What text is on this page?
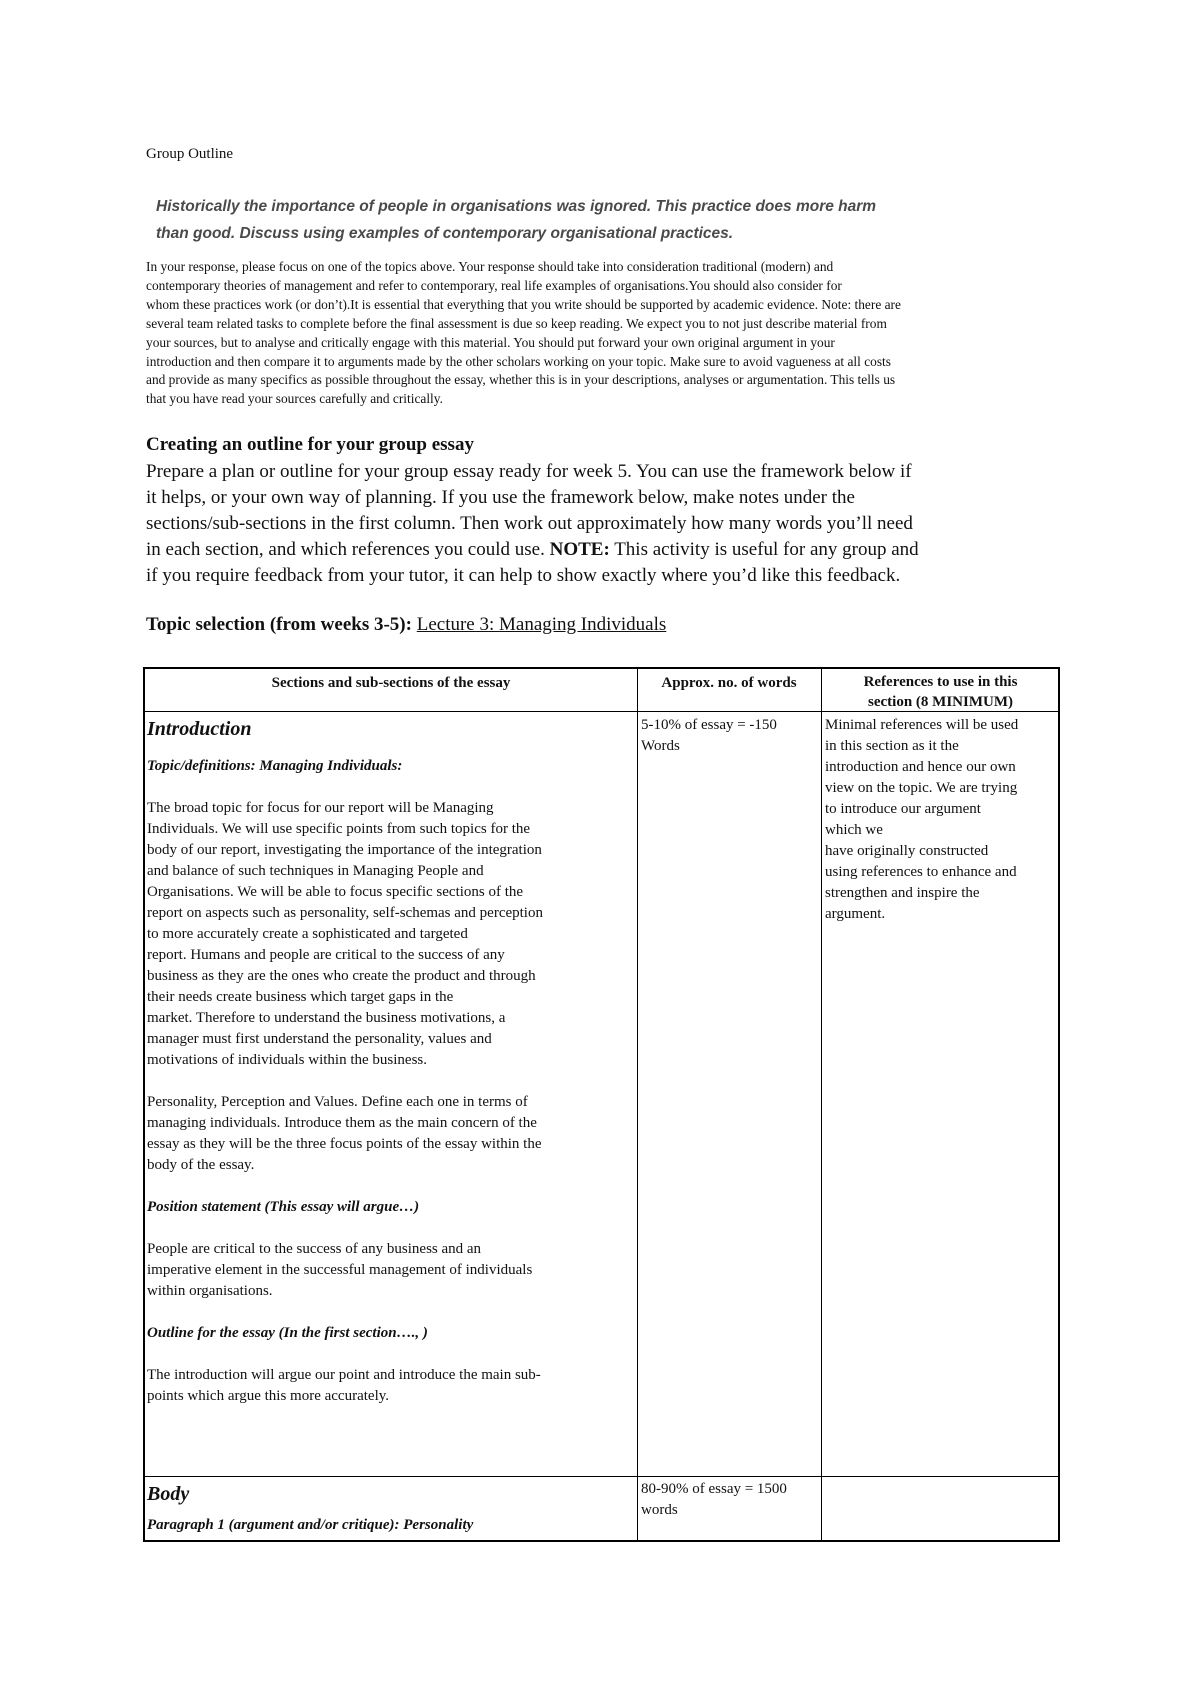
Group Outline
Historically the importance of people in organisations was ignored. This practice does more harm
than good. Discuss using examples of contemporary organisational practices.
In your response, please focus on one of the topics above. Your response should take into consideration traditional (modern) and
contemporary theories of management and refer to contemporary, real life examples of organisations.You should also consider for
whom these practices work (or don’t).It is essential that everything that you write should be supported by academic evidence. Note: there are
several team related tasks to complete before the final assessment is due so keep reading. We expect you to not just describe material from
your sources, but to analyse and critically engage with this material. You should put forward your own original argument in your
introduction and then compare it to arguments made by the other scholars working on your topic. Make sure to avoid vagueness at all costs
and provide as many specifics as possible throughout the essay, whether this is in your descriptions, analyses or argumentation. This tells us
that you have read your sources carefully and critically.
Creating an outline for your group essay
Prepare a plan or outline for your group essay ready for week 5. You can use the framework below if
it helps, or your own way of planning. If you use the framework below, make notes under the
sections/sub-sections in the first column. Then work out approximately how many words you’ll need
in each section, and which references you could use. NOTE: This activity is useful for any group and
if you require feedback from your tutor, it can help to show exactly where you’d like this feedback.
Topic selection (from weeks 3-5): Lecture 3: Managing Individuals
Sections and sub-sections of the essay	Approx. no. of words	References to use in this
section (8 MINIMUM)
Introduction
Topic/definitions: Managing Individuals:
The broad topic for focus for our report will be Managing
Individuals. We will use specific points from such topics for the
body of our report, investigating the importance of the integration
and balance of such techniques in Managing People and
Organisations. We will be able to focus specific sections of the
report on aspects such as personality, self-schemas and perception
to more accurately create a sophisticated and targeted
report. Humans and people are critical to the success of any
business as they are the ones who create the product and through
their needs create business which target gaps in the
market. Therefore to understand the business motivations, a
manager must first understand the personality, values and
motivations of individuals within the business.
Personality, Perception and Values. Define each one in terms of
managing individuals. Introduce them as the main concern of the
essay as they will be the three focus points of the essay within the
body of the essay.
Position statement (This essay will argue…)
People are critical to the success of any business and an
imperative element in the successful management of individuals
within organisations.
Outline for the essay (In the first section…., )
The introduction will argue our point and introduce the main sub-
points which argue this more accurately.
5-10% of essay = -150
Words
Minimal references will be used
in this section as it the
introduction and hence our own
view on the topic. We are trying
to introduce our argument
which we
have originally constructed
using references to enhance and
strengthen and inspire the
argument.
Body
Paragraph 1 (argument and/or critique): Personality
80-90% of essay = 1500
words
